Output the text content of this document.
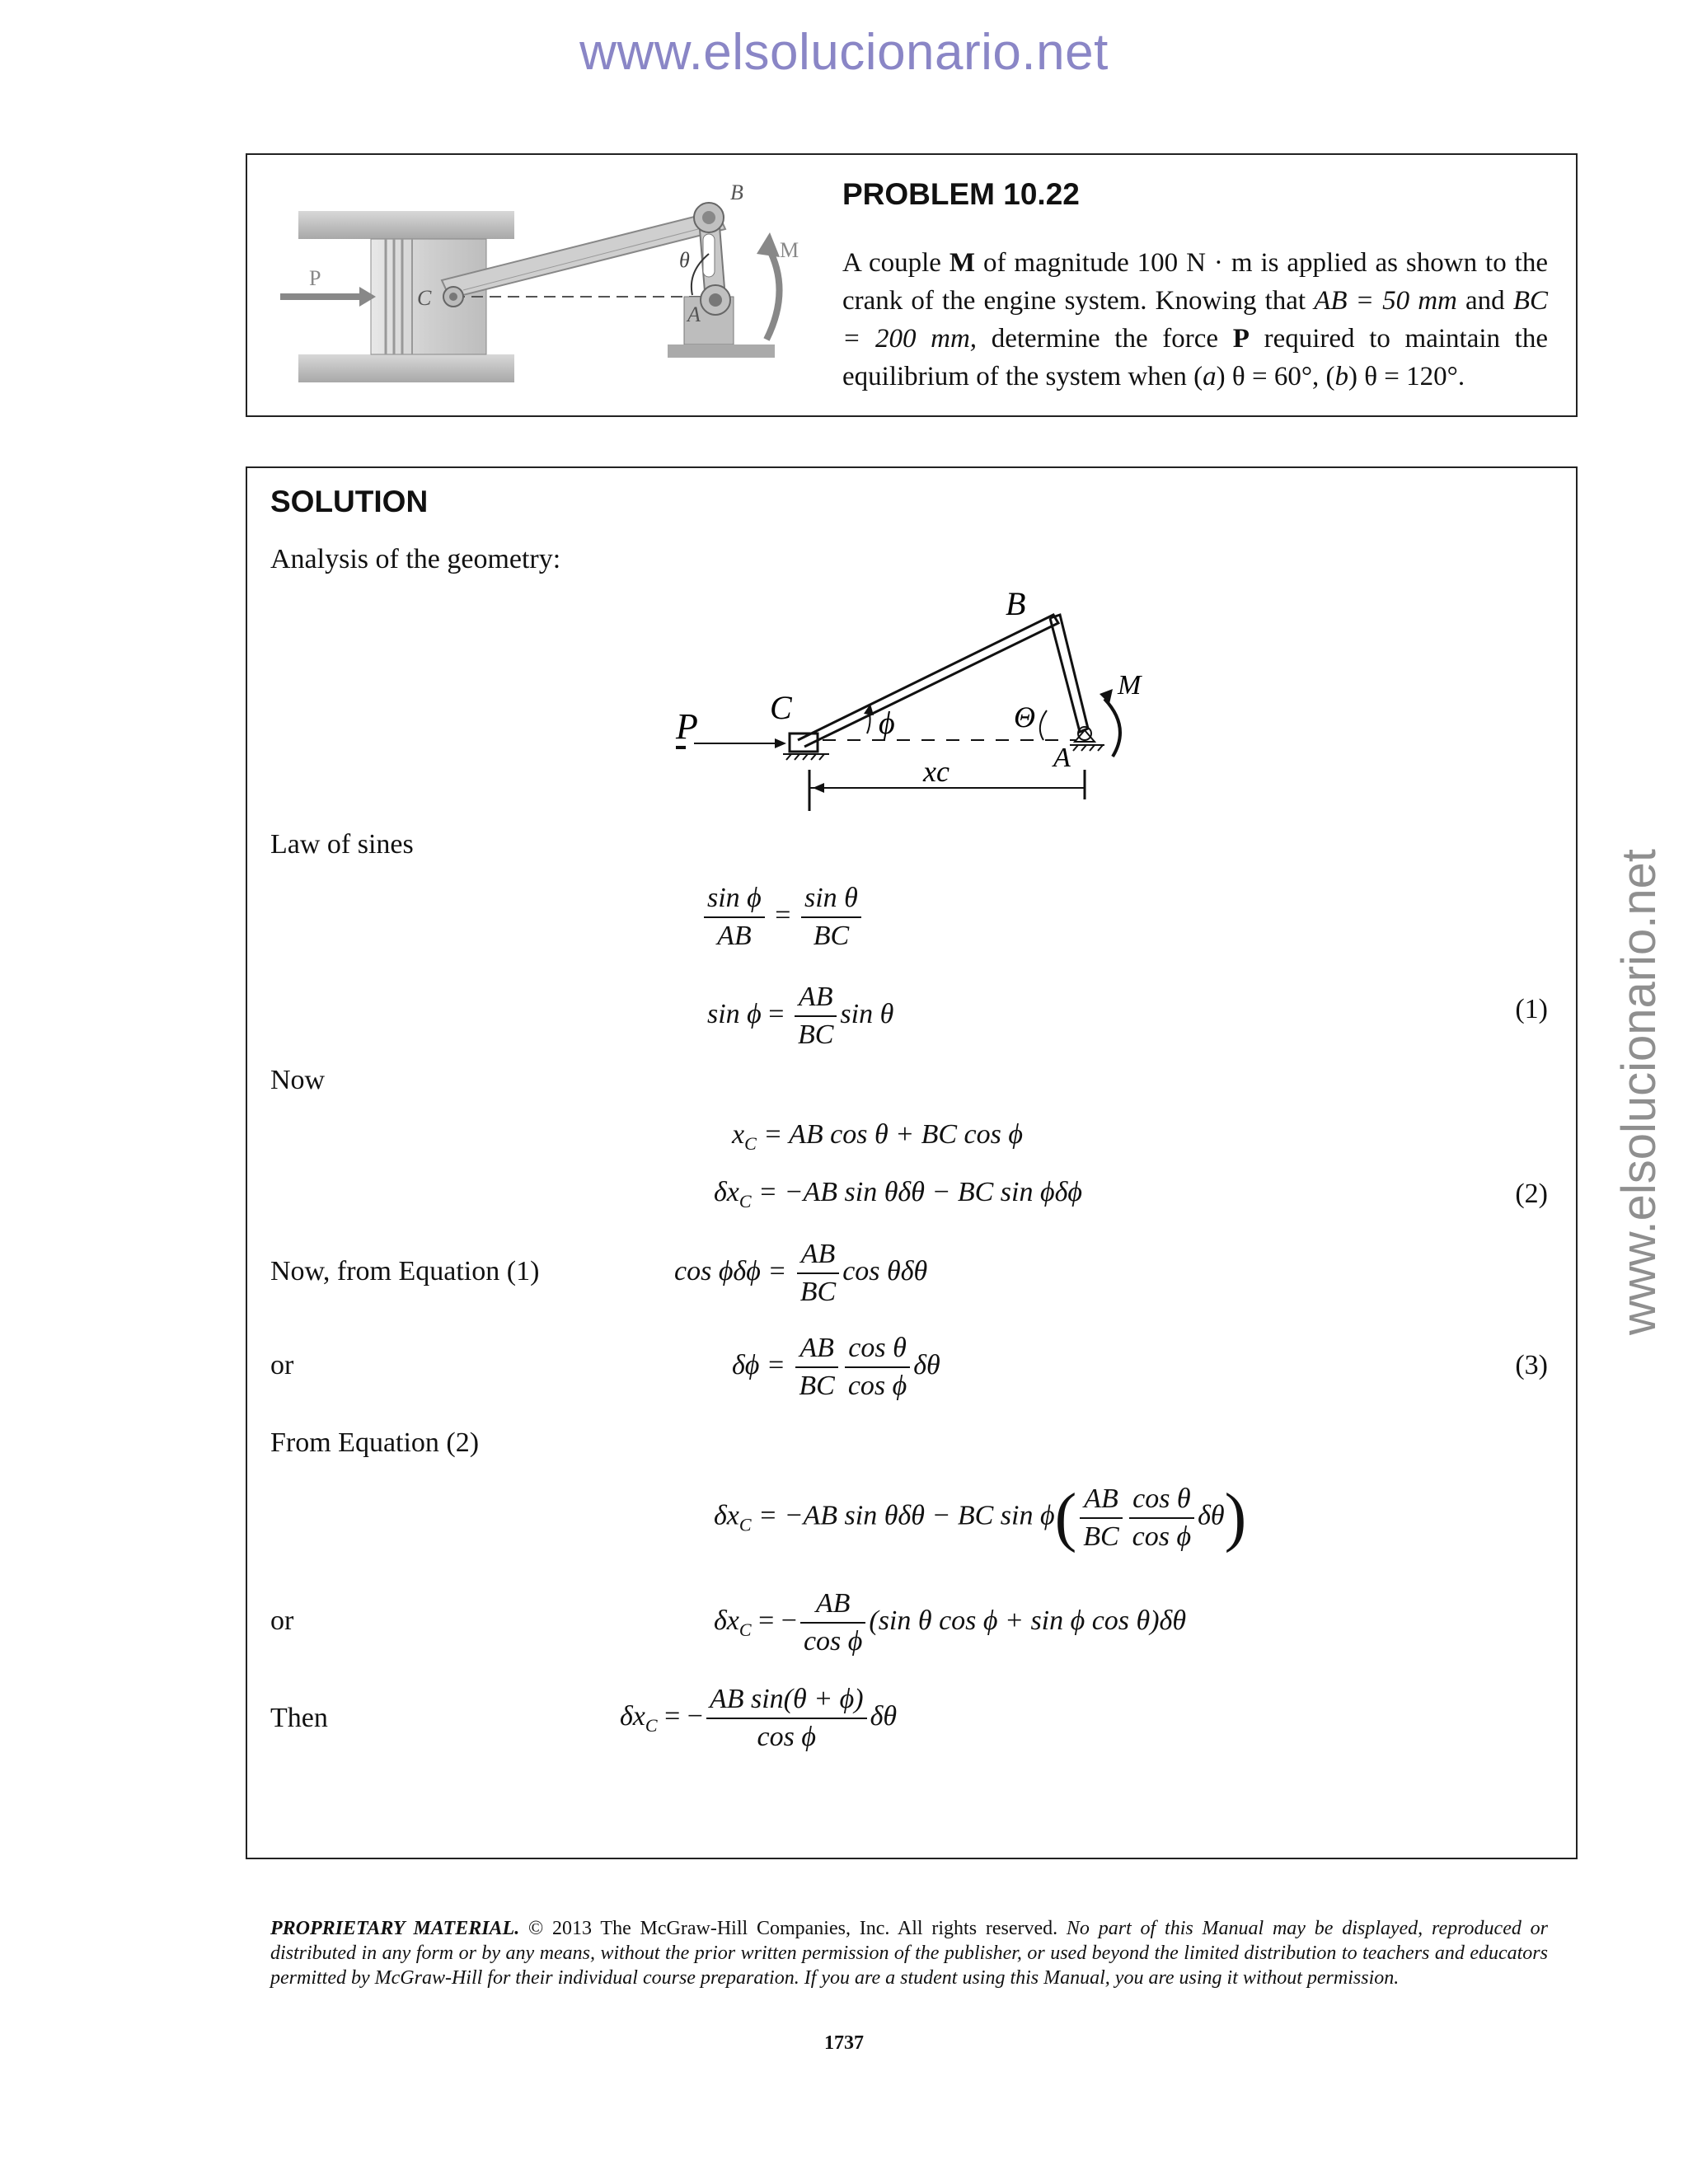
www.elsolucionario.net
www.elsolucionario.net
P
C
B
A
θ	M
PROBLEM 10.22
A couple M of magnitude 100 N · m is applied as shown to the crank of the engine system. Knowing that AB = 50 mm and BC = 200 mm, determine the force P required to maintain the equilibrium of the system when (a) θ = 60°, (b) θ = 120°.
SOLUTION
Analysis of the geometry:
P C
B
ϕ	Θ
A
M
xc
Law of sines
$\frac{\text{sin ϕ}}{AB} = \frac{\text{sin θ}}{BC}$
$\sin \phi = \frac{AB}{BC}$ sin θ	(1)
Now
$x_C$ = AB cos θ + BC cos ϕ
$\delta x_C = -AB$ sin θδθ − BC sin ϕδϕ	(2)
Now, from Equation (1)	$\cos \phi\delta\phi = \frac{AB}{BC}$ cos θδθ
or	$\delta\phi = \frac{AB}{BC} \frac{\text{cos θ}}{\text{cos ϕ}}$ δθ	(3)
From Equation (2)
$\delta x_C = -AB$ sin θδθ − BC $\sin \phi( \frac{AB}{BC} \frac{\text{cos θ}}{\text{cos ϕ}} \delta\theta)$
or	$\delta x_C$ = − $\frac{AB}{\text{cos ϕ}} (\sin$ θ cos ϕ + sin ϕ cos θ)δθ
Then	$\delta x_C$ = − $\frac{\text{AB sin(θ + ϕ)}}{\text{cos ϕ}}$ δθ
PROPRIETARY MATERIAL. © 2013 The McGraw-Hill Companies, Inc. All rights reserved. No part of this Manual may be displayed, reproduced or distributed in any form or by any means, without the prior written permission of the publisher, or used beyond the limited distribution to teachers and educators permitted by McGraw-Hill for their individual course preparation. If you are a student using this Manual, you are using it without permission.
1737
